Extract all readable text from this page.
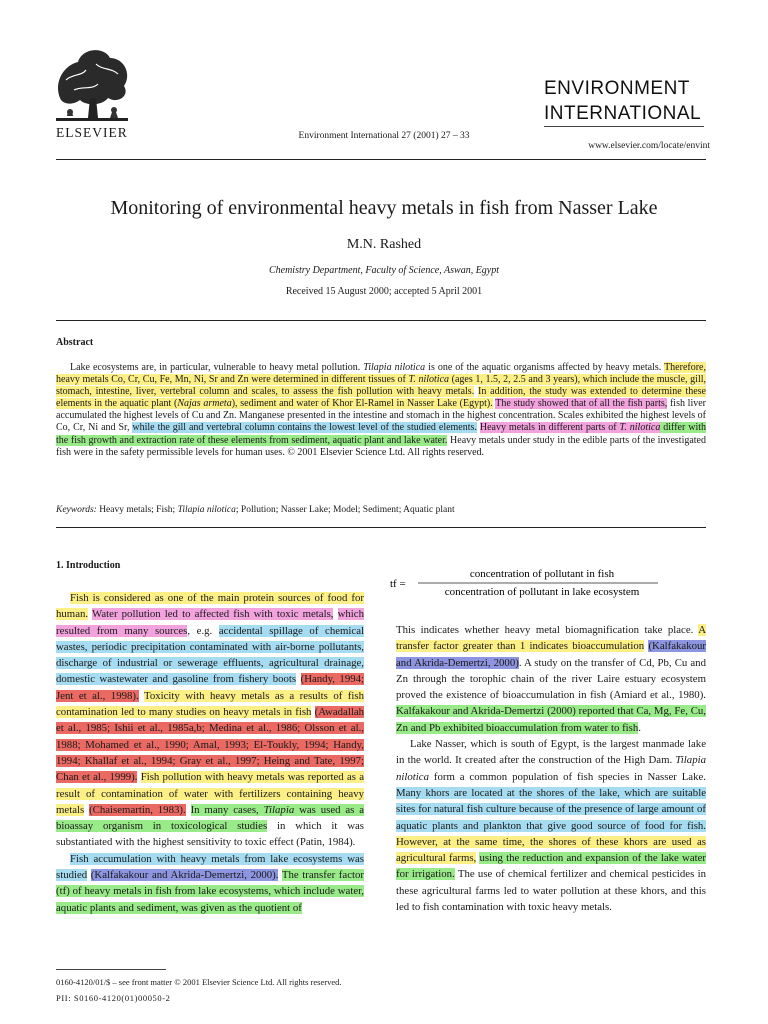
ELSEVIER	Environment International 27 (2001) 27 – 33
ENVIRONMENT
INTERNATIONAL
www.elsevier.com/locate/envint
Monitoring of environmental heavy metals in fish from Nasser Lake
M.N. Rashed
Chemistry Department, Faculty of Science, Aswan, Egypt
Received 15 August 2000; accepted 5 April 2001
Abstract

Lake ecosystems are, in particular, vulnerable to heavy metal pollution. Tilapia nilotica is one of the aquatic organisms affected by heavy metals. Therefore, heavy metals Co, Cr, Cu, Fe, Mn, Ni, Sr and Zn were determined in different tissues of T. nilotica (ages 1, 1.5, 2, 2.5 and 3 years), which include the muscle, gill, stomach, intestine, liver, vertebral column and scales, to assess the fish pollution with heavy metals. In addition, the study was extended to determine these elements in the aquatic plant (Najas armeta), sediment and water of Khor El-Ramel in Nasser Lake (Egypt). The study showed that of all the fish parts, fish liver accumulated the highest levels of Cu and Zn. Manganese presented in the intestine and stomach in the highest concentration. Scales exhibited the highest levels of Co, Cr, Ni and Sr, while the gill and vertebral column contains the lowest level of the studied elements. Heavy metals in different parts of T. nilotica differ with the fish growth and extraction rate of these elements from sediment, aquatic plant and lake water. Heavy metals under study in the edible parts of the investigated fish were in the safety permissible levels for human uses. © 2001 Elsevier Science Ltd. All rights reserved.

Keywords: Heavy metals; Fish; Tilapia nilotica; Pollution; Nasser Lake; Model; Sediment; Aquatic plant
1. Introduction

Fish is considered as one of the main protein sources of food for human. Water pollution led to affected fish with toxic metals, which resulted from many sources, e.g. accidental spillage of chemical wastes, periodic precipitation contaminated with air-borne pollutants, discharge of industrial or sewerage effluents, agricultural drainage, domestic wastewater and gasoline from fishery boots (Handy, 1994; Jent et al., 1998). Toxicity with heavy metals as a results of fish contamination led to many studies on heavy metals in fish (Awadallah et al., 1985; Ishii et al., 1985a,b; Medina et al., 1986; Olsson et al., 1988; Mohamed et al., 1990; Amal, 1993; El-Toukly, 1994; Handy, 1994; Khallaf et al., 1994; Gray et al., 1997; Heing and Tate, 1997; Chan et al., 1999). Fish pollution with heavy metals was reported as a result of contamination of water with fertilizers containing heavy metals (Chaisemartin, 1983). In many cases, Tilapia was used as a bioassay organism in toxicological studies in which it was substantiated with the highest sensitivity to toxic effect (Patin, 1984).

Fish accumulation with heavy metals from lake ecosystems was studied (Kalfakakour and Akrida-Demertzi, 2000). The transfer factor (tf) of heavy metals in fish from lake ecosystems, which include water, aquatic plants and sediment, was given as the quotient of

tf =
concentration of pollutant in fish
concentration of pollutant in lake ecosystem

This indicates whether heavy metal biomagnification take place. A transfer factor greater than 1 indicates bioaccumulation (Kalfakakour and Akrida-Demertzi, 2000). A study on the transfer of Cd, Pb, Cu and Zn through the torophic chain of the river Laire estuary ecosystem proved the existence of bioaccumulation in fish (Amiard et al., 1980). Kalfakakour and Akrida-Demertzi (2000) reported that Ca, Mg, Fe, Cu, Zn and Pb exhibited bioaccumulation from water to fish.

Lake Nasser, which is south of Egypt, is the largest manmade lake in the world. It created after the construction of the High Dam. Tilapia nilotica form a common population of fish species in Nasser Lake. Many khors are located at the shores of the lake, which are suitable sites for natural fish culture because of the presence of large amount of aquatic plants and plankton that give good source of food for fish. However, at the same time, the shores of these khors are used as agricultural farms, using the reduction and expansion of the lake water for irrigation. The use of chemical fertilizer and chemical pesticides in these agricultural farms led to water pollution at these khors, and this led to fish contamination with toxic heavy metals.

0160-4120/01/$ – see front matter © 2001 Elsevier Science Ltd. All rights reserved.
PII: S0160-4120(01)00050-2
